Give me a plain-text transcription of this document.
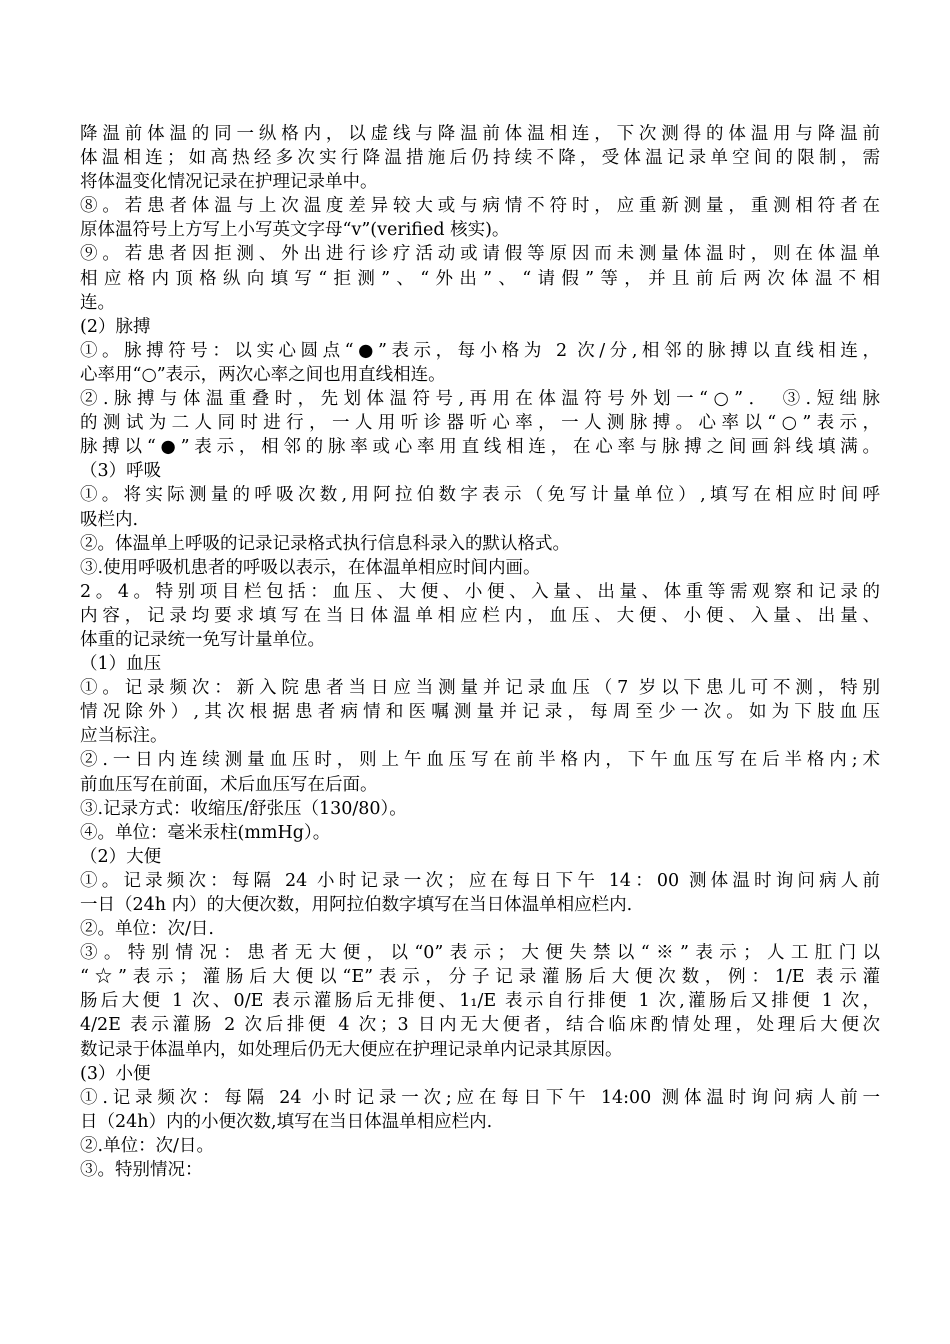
降温前体温的同一纵格内，以虚线与降温前体温相连，下次测得的体温用与降温前
体温相连；如高热经多次实行降温措施后仍持续不降，受体温记录单空间的限制，需
将体温变化情况记录在护理记录单中。
⑧。若患者体温与上次温度差异较大或与病情不符时，应重新测量，重测相符者在
原体温符号上方写上小写英文字母“v”(verified 核实)。
⑨。若患者因拒测、外出进行诊疗活动或请假等原因而未测量体温时，则在体温单
相应格内顶格纵向填写“拒测”、“外出”、“请假”等，并且前后两次体温不相
连。
(2）脉搏
①。脉搏符号：以实心圆点“●”表示，每小格为 2 次/分,相邻的脉搏以直线相连，
心率用“○”表示，两次心率之间也用直线相连。
②.脉搏与体温重叠时，先划体温符号,再用在体温符号外划一“○”． ③.短绌脉
的测试为二人同时进行，一人用听诊器听心率，一人测脉搏。心率以“○”表示，
脉搏以“●”表示，相邻的脉率或心率用直线相连，在心率与脉搏之间画斜线填满。
（3）呼吸
①。将实际测量的呼吸次数,用阿拉伯数字表示（免写计量单位）,填写在相应时间呼
吸栏内.
②。体温单上呼吸的记录记录格式执行信息科录入的默认格式。
③.使用呼吸机患者的呼吸以表示，在体温单相应时间内画。
2。4。特别项目栏包括：血压、大便、小便、入量、出量、体重等需观察和记录的
内容，记录均要求填写在当日体温单相应栏内，血压、大便、小便、入量、出量、
体重的记录统一免写计量单位。
（1）血压
①。记录频次：新入院患者当日应当测量并记录血压（7 岁以下患儿可不测，特别
情况除外）,其次根据患者病情和医嘱测量并记录，每周至少一次。如为下肢血压
应当标注。
②.一日内连续测量血压时，则上午血压写在前半格内，下午血压写在后半格内;术
前血压写在前面，术后血压写在后面。
③.记录方式：收缩压/舒张压（130/80）。
④。单位：毫米汞柱(mmHg）。
（2）大便
①。记录频次：每隔 24 小时记录一次；应在每日下午 14：00 测体温时询问病人前
一日（24h 内）的大便次数，用阿拉伯数字填写在当日体温单相应栏内.
②。单位：次/日.
③。特别情况：患者无大便，以“0”表示；大便失禁以“※”表示；人工肛门以
“☆”表示；灌肠后大便以“E”表示，分子记录灌肠后大便次数，例：1/E 表示灌
肠后大便 1 次、0/E 表示灌肠后无排便、1₁/E 表示自行排便 1 次,灌肠后又排便 1 次，
4/2E 表示灌肠 2 次后排便 4 次；3 日内无大便者，结合临床酌情处理，处理后大便次
数记录于体温单内，如处理后仍无大便应在护理记录单内记录其原因。
(3）小便
①.记录频次：每隔 24 小时记录一次;应在每日下午 14:00 测体温时询问病人前一
日（24h）内的小便次数,填写在当日体温单相应栏内.
②.单位：次/日。
③。特别情况：
